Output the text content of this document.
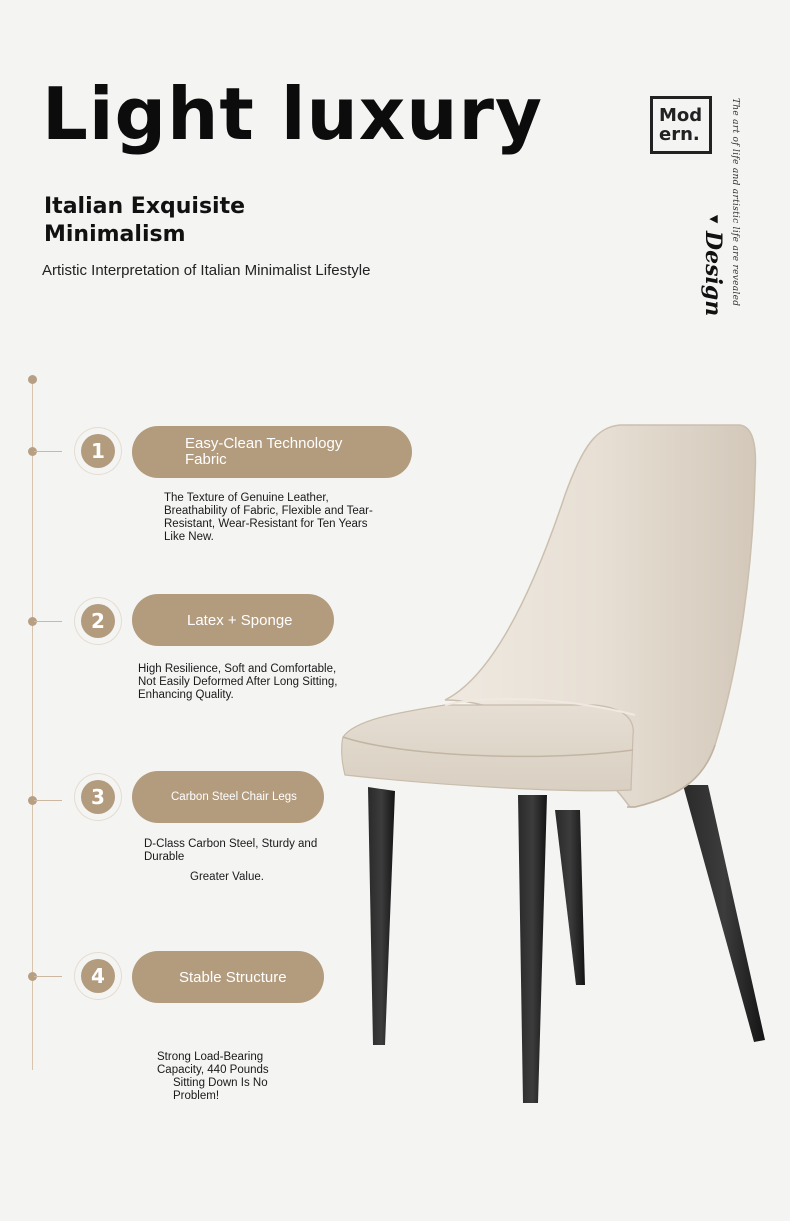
Light luxury
Italian Exquisite Minimalism
Artistic Interpretation of Italian Minimalist Lifestyle
Mod
ern.	The art of life and artistic life are revealed
◀Design
1	Easy-Clean Technology Fabric
The Texture of Genuine Leather, Breathability of Fabric, Flexible and Tear-Resistant, Wear-Resistant for Ten Years Like New.
2	Latex + Sponge
High Resilience, Soft and Comfortable, Not Easily Deformed After Long Sitting, Enhancing Quality.
3	Carbon Steel Chair Legs
D-Class Carbon Steel, Sturdy and Durable
Greater Value.
4	Stable Structure
Strong Load-Bearing Capacity, 440 Pounds
Sitting Down Is No Problem!
